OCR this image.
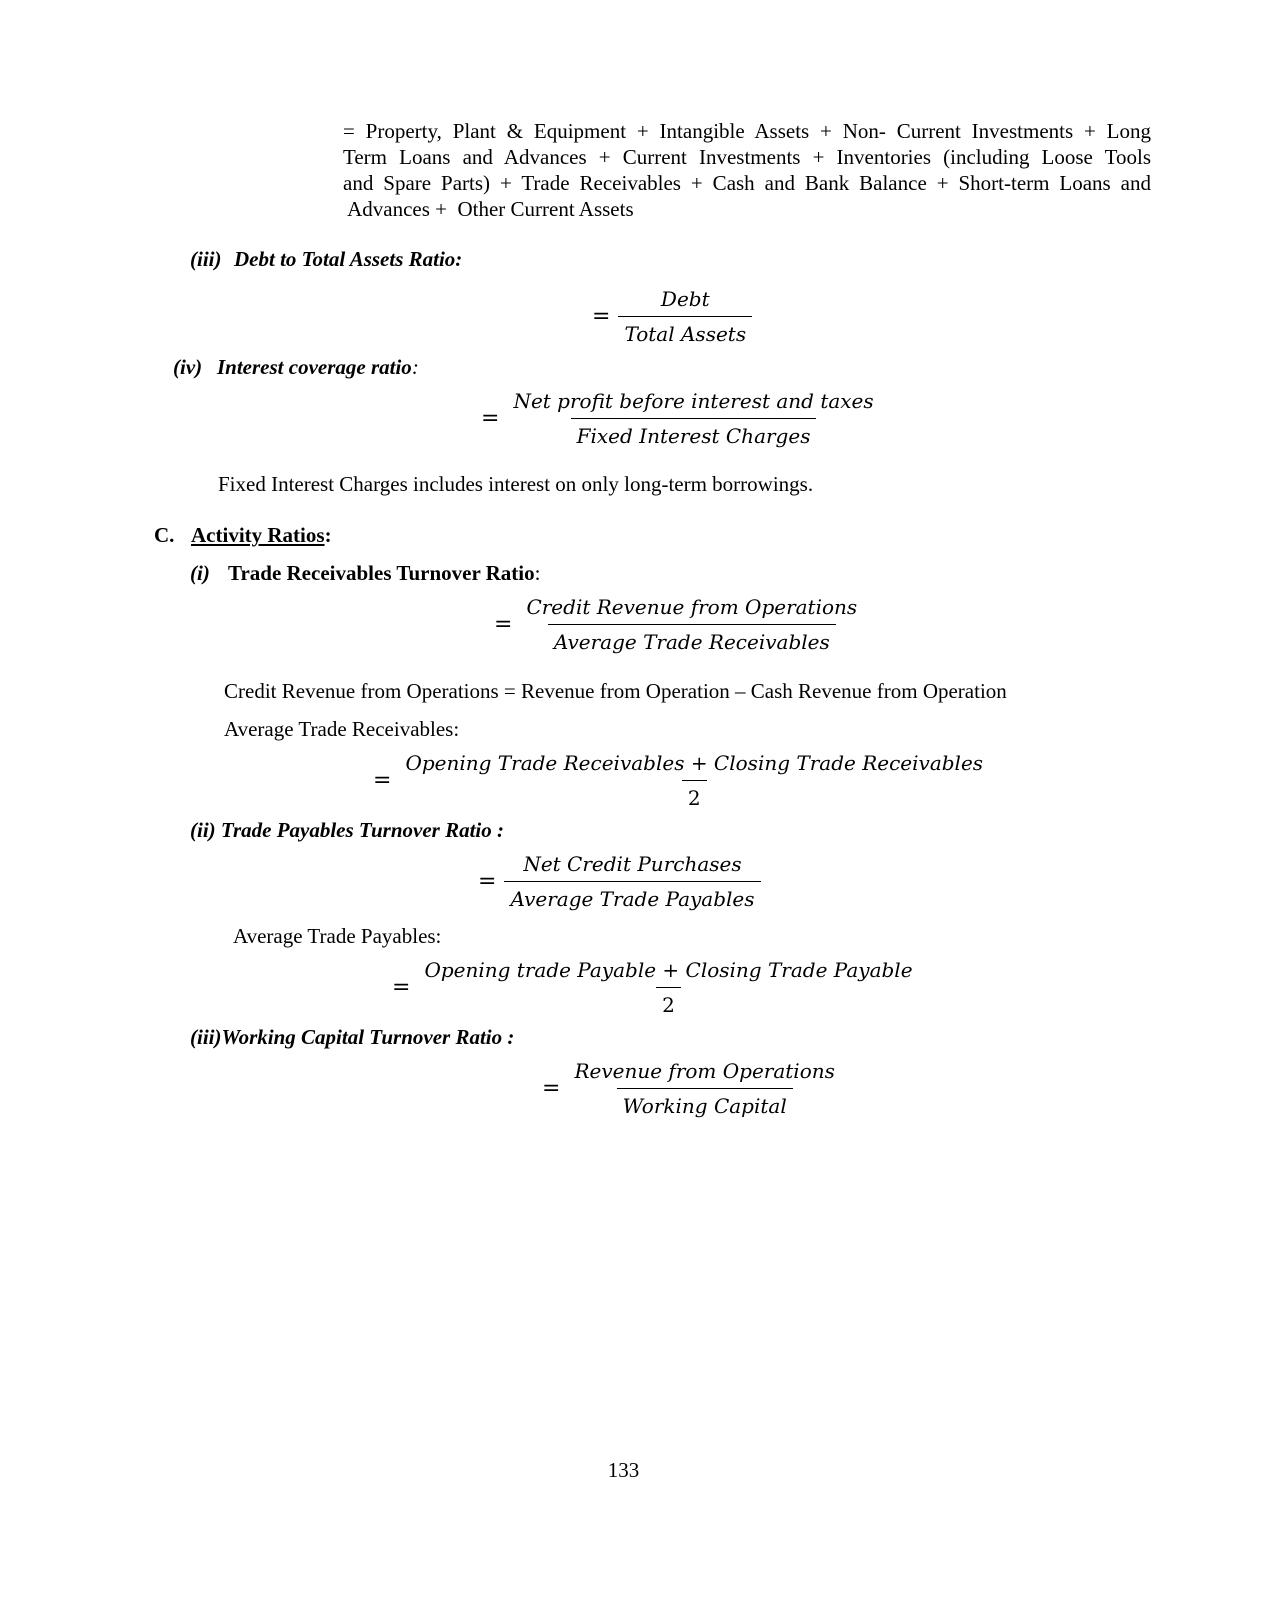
= Property, Plant & Equipment + Intangible Assets + Non- Current Investments + Long
Term Loans and Advances + Current Investments + Inventories (including Loose Tools
and Spare Parts) + Trade Receivables + Cash and Bank Balance + Short-term Loans and
Advances +  Other Current Assets
(iii) Debt to Total Assets Ratio:
= $\frac{\text{Debt}}{\text{Total Assets}}$
(iv) Interest coverage ratio:
= $\frac{\text{Net profit before interest and taxes}}{\text{Fixed Interest Charges}}$
Fixed Interest Charges includes interest on only long-term borrowings.
C. Activity Ratios:
(i) Trade Receivables Turnover Ratio:
= $\frac{\text{Credit Revenue from Operations}}{\text{Average Trade Receivables}}$
Credit Revenue from Operations = Revenue from Operation – Cash Revenue from Operation
Average Trade Receivables:
= $\frac{\text{Opening Trade Receivables + Closing Trade Receivables}}{2}$
(ii) Trade Payables Turnover Ratio :
= $\frac{\text{Net Credit Purchases}}{\text{Average Trade Payables}}$
Average Trade Payables:
= $\frac{\text{Opening trade Payable + Closing Trade Payable}}{2}$
(iii)Working Capital Turnover Ratio :
= $\frac{\text{Revenue from Operations}}{\text{Working Capital}}$
133
